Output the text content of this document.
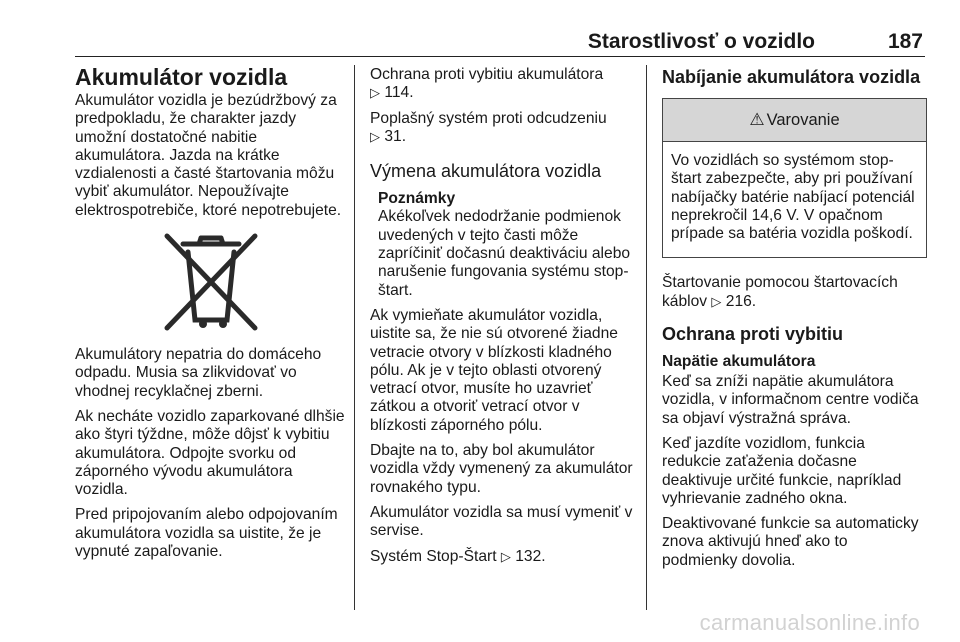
Starostlivosť o vozidlo	187
Akumulátor vozidla

Akumulátor vozidla je bezúdržbový za predpokladu, že charakter jazdy umožní dostatočné nabitie akumulátora. Jazda na krátke vzdialenosti a časté štartovania môžu vybiť akumulátor. Nepoužívajte elektrospotrebiče, ktoré nepotrebujete.

Akumulátory nepatria do domáceho odpadu. Musia sa zlikvidovať vo vhodnej recyklačnej zberni.

Ak necháte vozidlo zaparkované dlhšie ako štyri týždne, môže dôjsť k vybitiu akumulátora. Odpojte svorku od záporného vývodu akumulátora vozidla.

Pred pripojovaním alebo odpojovaním akumulátora vozidla sa uistite, že je vypnuté zapaľovanie.

Ochrana proti vybitiu akumulátora
▷ 114.

Poplašný systém proti odcudzeniu
▷ 31.

Výmena akumulátora vozidla
Poznámky
Akékoľvek nedodržanie podmienok uvedených v tejto časti môže zapríčiniť dočasnú deaktiváciu alebo narušenie fungovania systému stop-štart.

Ak vymieňate akumulátor vozidla, uistite sa, že nie sú otvorené žiadne vetracie otvory v blízkosti kladného pólu. Ak je v tejto oblasti otvorený vetrací otvor, musíte ho uzavrieť zátkou a otvoriť vetrací otvor v blízkosti záporného pólu.

Dbajte na to, aby bol akumulátor vozidla vždy vymenený za akumulátor rovnakého typu.

Akumulátor vozidla sa musí vymeniť v servise.

Systém Stop-Štart ▷ 132.

Nabíjanie akumulátora vozidla
⚠ Varovanie
Vo vozidlách so systémom stop-štart zabezpečte, aby pri používaní nabíjačky batérie nabíjací potenciál neprekročil 14,6 V. V opačnom prípade sa batéria vozidla poškodí.

Štartovanie pomocou štartovacích káblov ▷ 216.

Ochrana proti vybitiu
Napätie akumulátora

Keď sa zníži napätie akumulátora vozidla, v informačnom centre vodiča sa objaví výstražná správa.

Keď jazdíte vozidlom, funkcia redukcie zaťaženia dočasne deaktivuje určité funkcie, napríklad vyhrievanie zadného okna.

Deaktivované funkcie sa automaticky znova aktivujú hneď ako to podmienky dovolia.

carmanualsonline.info
